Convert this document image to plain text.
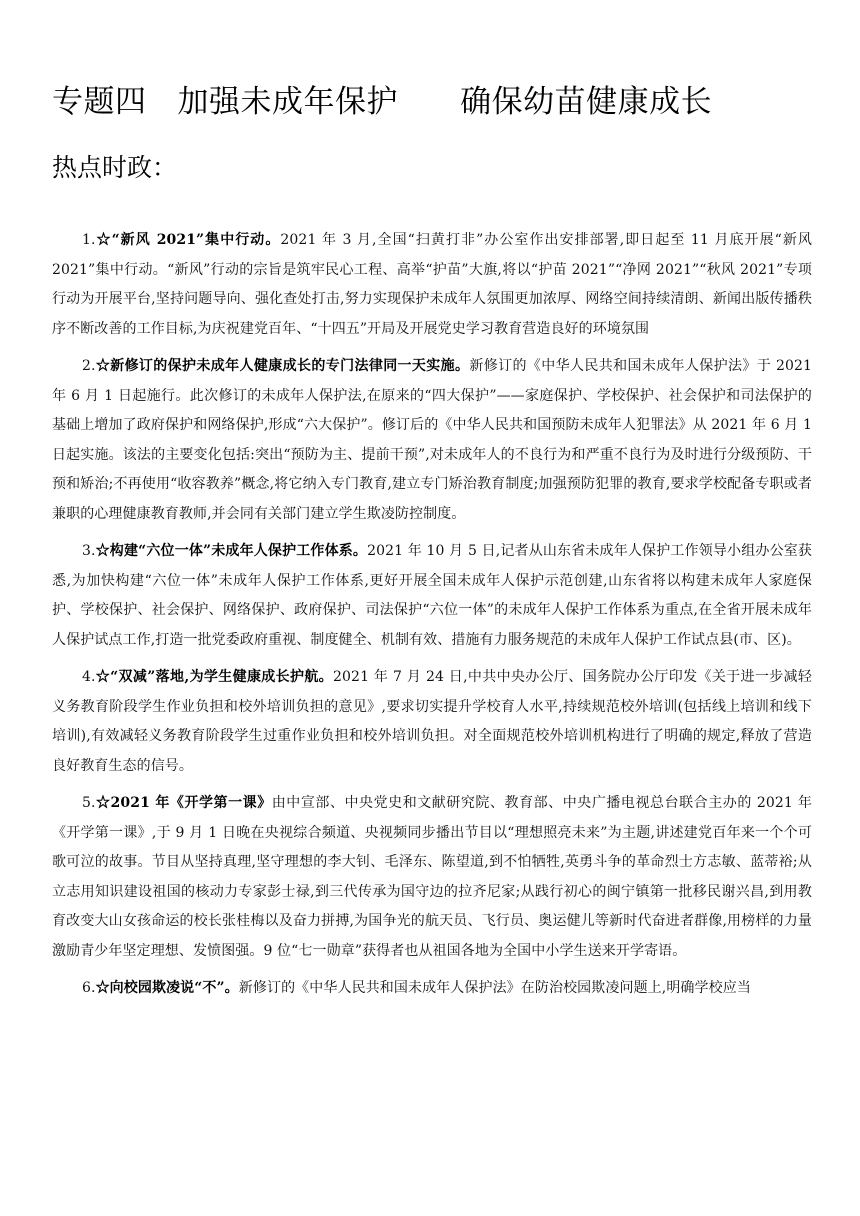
专题四   加强未成年保护      确保幼苗健康成长
热点时政：

1.☆“新风 2021”集中行动。2021 年 3 月,全国“扫黄打非”办公室作出安排部署,即日起至 11 月底开展“新风 2021”集中行动。“新风”行动的宗旨是筑牢民心工程、高举“护苗”大旗,将以“护苗 2021”“净网 2021”“秋风 2021”专项行动为开展平台,坚持问题导向、强化查处打击,努力实现保护未成年人氛围更加浓厚、网络空间持续清朗、新闻出版传播秩序不断改善的工作目标,为庆祝建党百年、“十四五”开局及开展党史学习教育营造良好的环境氛围

2.☆新修订的保护未成年人健康成长的专门法律同一天实施。新修订的《中华人民共和国未成年人保护法》于 2021 年 6 月 1 日起施行。此次修订的未成年人保护法,在原来的“四大保护”——家庭保护、学校保护、社会保护和司法保护的基础上增加了政府保护和网络保护,形成“六大保护”。修订后的《中华人民共和国预防未成年人犯罪法》从 2021 年 6 月 1 日起实施。该法的主要变化包括:突出“预防为主、提前干预”,对未成年人的不良行为和严重不良行为及时进行分级预防、干预和矫治;不再使用“收容教养”概念,将它纳入专门教育,建立专门矫治教育制度;加强预防犯罪的教育,要求学校配备专职或者兼职的心理健康教育教师,并会同有关部门建立学生欺凌防控制度。

3.☆构建“六位一体”未成年人保护工作体系。2021 年 10 月 5 日,记者从山东省未成年人保护工作领导小组办公室获悉,为加快构建“六位一体”未成年人保护工作体系,更好开展全国未成年人保护示范创建,山东省将以构建未成年人家庭保护、学校保护、社会保护、网络保护、政府保护、司法保护“六位一体”的未成年人保护工作体系为重点,在全省开展未成年人保护试点工作,打造一批党委政府重视、制度健全、机制有效、措施有力服务规范的未成年人保护工作试点县(市、区)。

4.☆“双减”落地,为学生健康成长护航。2021 年 7 月 24 日,中共中央办公厅、国务院办公厅印发《关于进一步减轻义务教育阶段学生作业负担和校外培训负担的意见》,要求切实提升学校育人水平,持续规范校外培训(包括线上培训和线下培训),有效减轻义务教育阶段学生过重作业负担和校外培训负担。对全面规范校外培训机构进行了明确的规定,释放了营造良好教育生态的信号。

5.☆2021 年《开学第一课》由中宣部、中央党史和文献研究院、教育部、中央广播电视总台联合主办的 2021 年《开学第一课》,于 9 月 1 日晚在央视综合频道、央视频同步播出节目以“理想照亮未来”为主题,讲述建党百年来一个个可歌可泣的故事。节目从坚持真理,坚守理想的李大钊、毛泽东、陈望道,到不怕牺牲,英勇斗争的革命烈士方志敏、蓝蒂裕;从立志用知识建设祖国的核动力专家彭士禄,到三代传承为国守边的拉齐尼家;从践行初心的闽宁镇第一批移民谢兴昌,到用教育改变大山女孩命运的校长张桂梅以及奋力拼搏,为国争光的航天员、飞行员、奥运健儿等新时代奋进者群像,用榜样的力量激励青少年坚定理想、发愤图强。9 位“七一勋章”获得者也从祖国各地为全国中小学生送来开学寄语。

6.☆向校园欺凌说“不”。新修订的《中华人民共和国未成年人保护法》在防治校园欺凌问题上,明确学校应当
